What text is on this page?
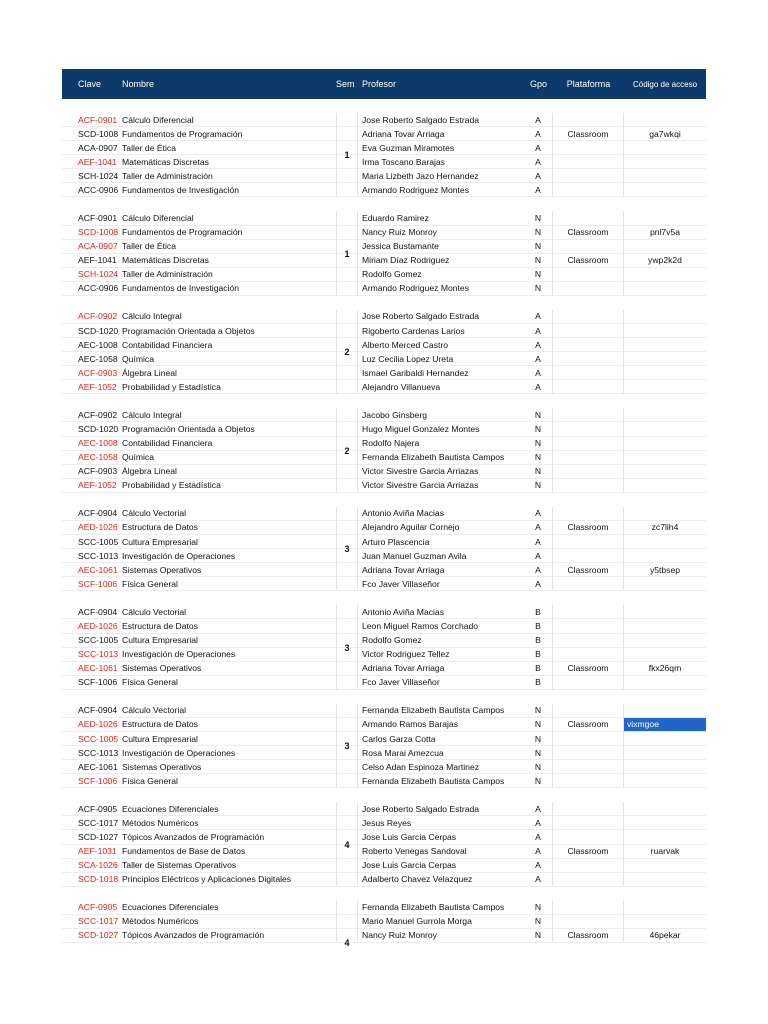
Clave	Nombre	Sem Profesor	Gpo	Plataforma	Código de acceso
ACF-0901 Cálculo Diferencial	Jose Roberto Salgado Estrada	A
SCD-1008 Fundamentos de Programación	Adriana Tovar Arriaga	A	Classroom	ga7wkqi
ACA-0907 Taller de Ética	Eva Guzman Miramotes	A
AEF-1041 Matemáticas Discretas	Irma Toscano Barajas	A
SCH-1024 Taller de Administración	Maria Lizbeth Jazo Hernandez	A
ACC-0906 Fundamentos de Investigación	Armando Rodriguez Montes	A
1
ACF-0901 Cálculo Diferencial	Eduardo Ramirez	N
SCD-1008 Fundamentos de Programación	Nancy Ruiz Monroy	N	Classroom	pnl7v5a
ACA-0907 Taller de Ética	Jessica Bustamante	N
AEF-1041 Matemáticas Discretas	Miriam Díaz Rodriguez	N	Classroom	ywp2k2d
SCH-1024 Taller de Administración	Rodolfo Gomez	N
ACC-0906 Fundamentos de Investigación	Armando Rodriguez Montes	N
1
ACF-0902 Cálculo Integral	Jose Roberto Salgado Estrada	A
SCD-1020 Programación Orientada a Objetos	Rigoberto Cardenas Larios	A
AEC-1008 Contabilidad Financiera	Alberto Merced Castro	A
AEC-1058 Química	Luz Cecilia Lopez Ureta	A
ACF-0903 Álgebra Lineal	Ismael Garibaldi Hernandez	A
AEF-1052 Probabilidad y Estadística	Alejandro Villanueva	A
2
ACF-0902 Cálculo Integral	Jacobo Ginsberg	N
SCD-1020 Programación Orientada a Objetos	Hugo Miguel Gonzalez Montes	N
AEC-1008 Contabilidad Financiera	Rodolfo Najera	N
AEC-1058 Química	Fernanda Elizabeth Bautista Campos	N
ACF-0903 Álgebra Lineal	Victor Sivestre Garcia Arriazas	N
AEF-1052 Probabilidad y Estadística	Victor Sivestre Garcia Arriazas	N
2
ACF-0904 Cálculo Vectorial	Antonio Aviña Macias	A
AED-1026 Estructura de Datos	Alejandro Aguilar Cornejo	A	Classroom	zc7lih4
SCC-1005 Cultura Empresarial	Arturo Plascencia	A
SCC-1013 Investigación de Operaciones	Juan Manuel Guzman Avila	A
AEC-1061 Sistemas Operativos	Adriana Tovar Arriaga	A	Classroom	y5tbsep
SCF-1006 Física General	Fco Javer Villaseñor	A
3
ACF-0904 Cálculo Vectorial	Antonio Aviña Macias	B
AED-1026 Estructura de Datos	Leon Miguel Ramos Corchado	B
SCC-1005 Cultura Empresarial	Rodolfo Gomez	B
SCC-1013 Investigación de Operaciones	Victor Rodriguez Tellez	B
AEC-1061 Sistemas Operativos	Adriana Tovar Arriaga	B	Classroom	fkx26qm
SCF-1006 Física General	Fco Javer Villaseñor	B
3
ACF-0904 Cálculo Vectorial	Fernanda Elizabeth Bautista Campos	N
AED-1026 Estructura de Datos	Armando Ramos Barajas	N	Classroom	vixmgoe
SCC-1005 Cultura Empresarial	Carlos Garza Cotta	N
SCC-1013 Investigación de Operaciones	Rosa Marai Amezcua	N
AEC-1061 Sistemas Operativos	Celso Adan Espinoza Martinez	N
SCF-1006 Física General	Fernanda Elizabeth Bautista Campos	N
3
ACF-0905 Ecuaciones Diferenciales	Jose Roberto Salgado Estrada	A
SCC-1017 Métodos Numéricos	Jesus Reyes	A
SCD-1027 Tópicos Avanzados de Programación	Jose Luis Garcia Cerpas	A
AEF-1031 Fundamentos de Base de Datos	Roberto Venegas Sandoval	A	Classroom	ruarvak
SCA-1026 Taller de Sistemas Operativos	Jose Luis Garcia Cerpas	A
SCD-1018 Principios Eléctricos y Aplicaciones Digitales	Adalberto Chavez Velazquez	A
4
ACF-0905 Ecuaciones Diferenciales	Fernanda Elizabeth Bautista Campos	N
SCC-1017 Métodos Numéricos	Mario Manuel Gurrola Morga	N
SCD-1027 Tópicos Avanzados de Programación	Nancy Ruiz Monroy	N	Classroom	46pekar
4
